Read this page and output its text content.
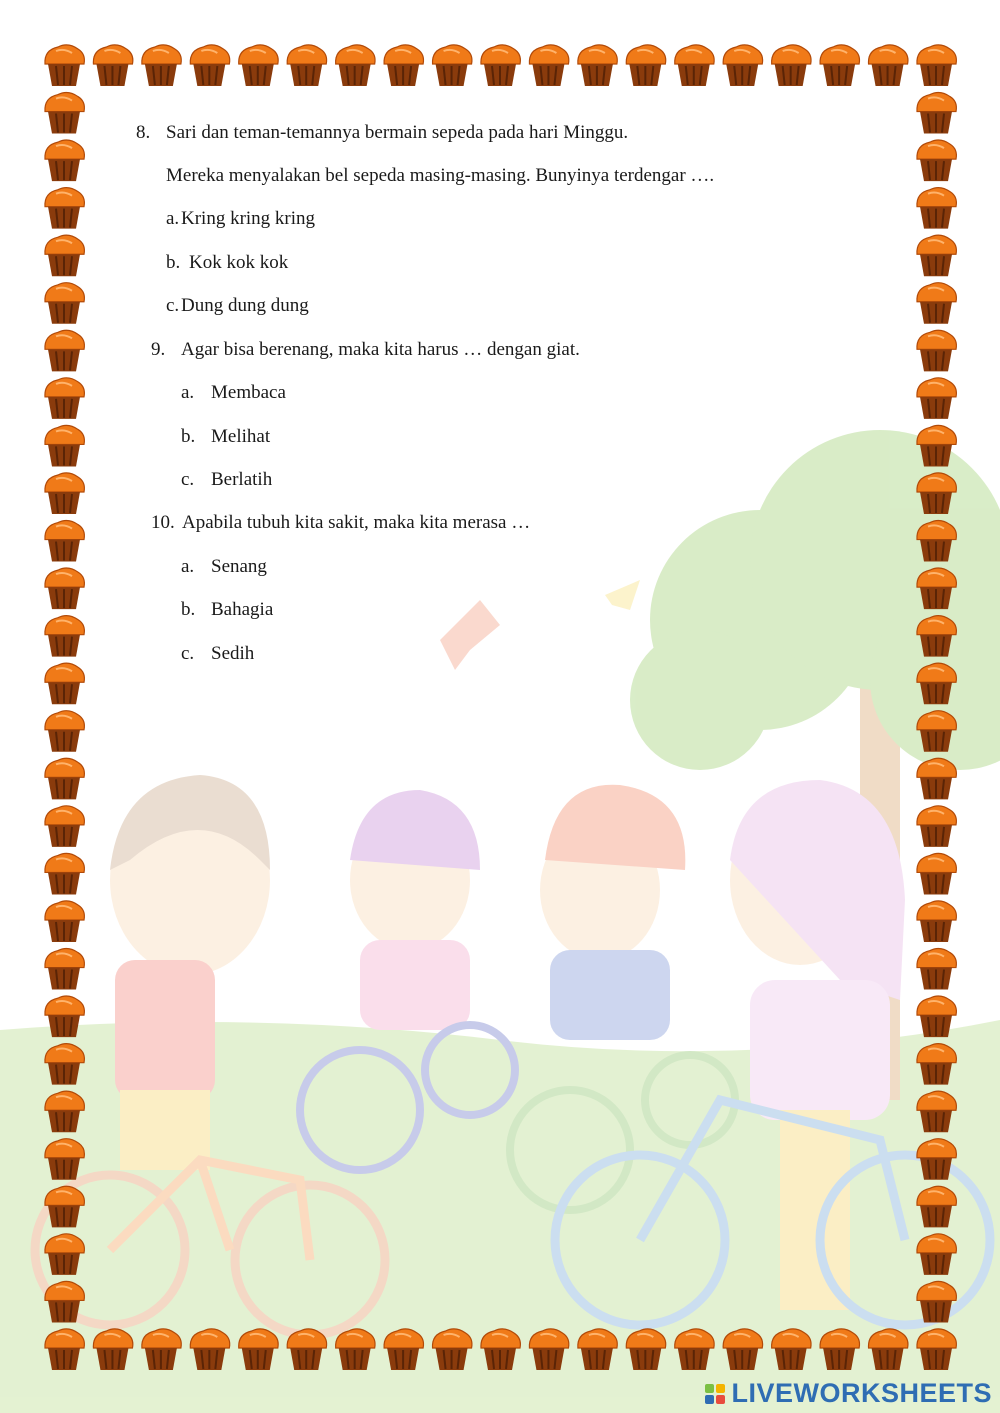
8. Sari dan teman-temannya bermain sepeda pada hari Minggu.
Mereka menyalakan bel sepeda masing-masing. Bunyinya terdengar ….
a. Kring kring kring
b. Kok kok kok
c. Dung dung dung
9. Agar bisa berenang, maka kita harus … dengan giat.
a. Membaca
b. Melihat
c. Berlatih
10. Apabila tubuh kita sakit, maka kita merasa …
a. Senang
b. Bahagia
c. Sedih
LIVEWORKSHEETS
